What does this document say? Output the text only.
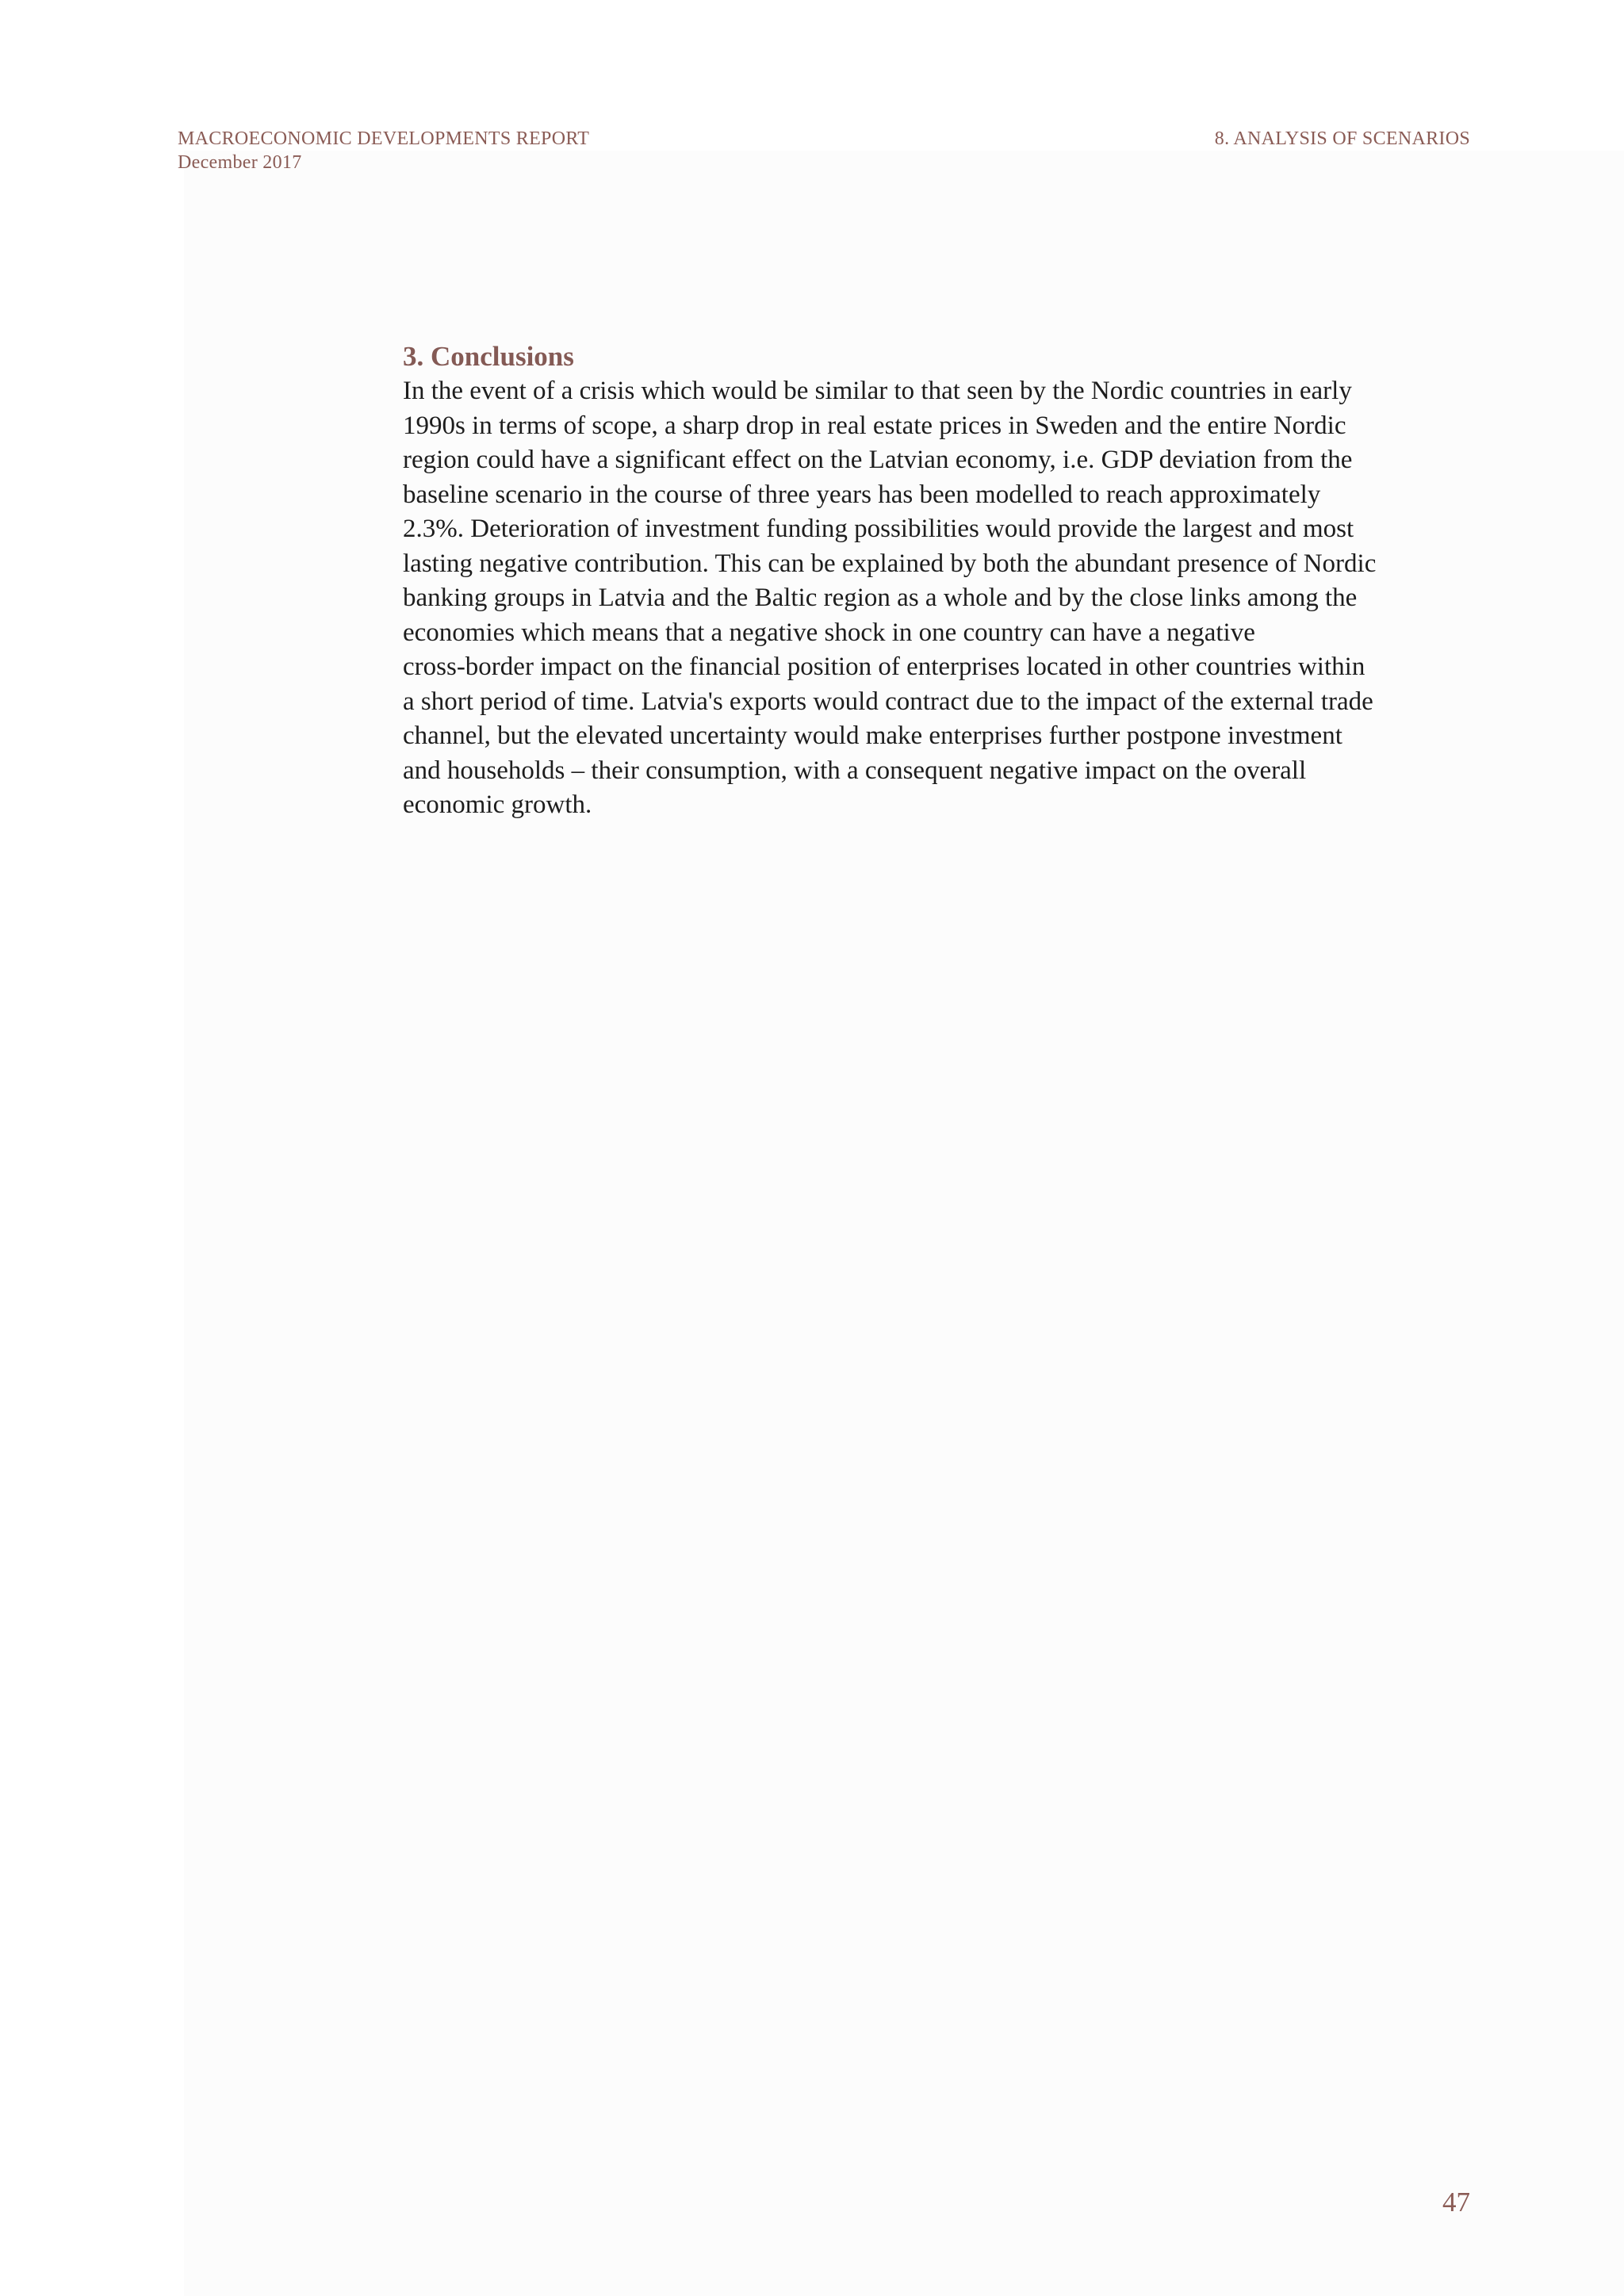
MACROECONOMIC DEVELOPMENTS REPORT
December 2017
8. ANALYSIS OF SCENARIOS
3. Conclusions

In the event of a crisis which would be similar to that seen by the Nordic countries in early

1990s in terms of scope, a sharp drop in real estate prices in Sweden and the entire Nordic

region could have a significant effect on the Latvian economy, i.e. GDP deviation from the

baseline scenario in the course of three years has been modelled to reach approximately

2.3%. Deterioration of investment funding possibilities would provide the largest and most

lasting negative contribution. This can be explained by both the abundant presence of Nordic

banking groups in Latvia and the Baltic region as a whole and by the close links among the

economies which means that a negative shock in one country can have a negative

cross-border impact on the financial position of enterprises located in other countries within

a short period of time. Latvia's exports would contract due to the impact of the external trade

channel, but the elevated uncertainty would make enterprises further postpone investment

and households – their consumption, with a consequent negative impact on the overall

economic growth.

47
